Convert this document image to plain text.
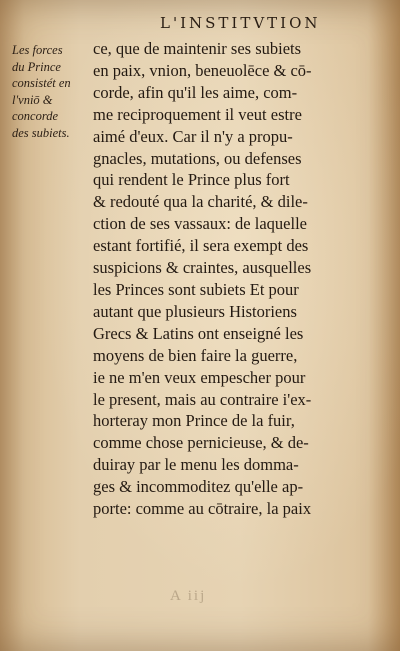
L'INSTITVTION
Les forces
du Prince
consistét en
l'vniō &
concorde
des subiets.
ce, que de maintenir ses subiets
en paix, vnion, beneuolēce & cō-
corde, afin qu'il les aime, com-
me reciproquement il veut estre
aimé d'eux. Car il n'y a propu-
gnacles, mutations, ou defenses
qui rendent le Prince plus fort
& redouté qua la charité, & dile-
ction de ses vassaux: de laquelle
estant fortifié, il sera exempt des
suspicions & craintes, ausquelles
les Princes sont subiets Et pour
autant que plusieurs Historiens
Grecs & Latins ont enseigné les
moyens de bien faire la guerre,
ie ne m'en veux empescher pour
le present, mais au contraire i'ex-
horteray mon Prince de la fuir,
comme chose pernicieuse, & de-
duiray par le menu les domma-
ges & incommoditez qu'elle ap-
porte: comme au cōtraire, la paix
A iij
